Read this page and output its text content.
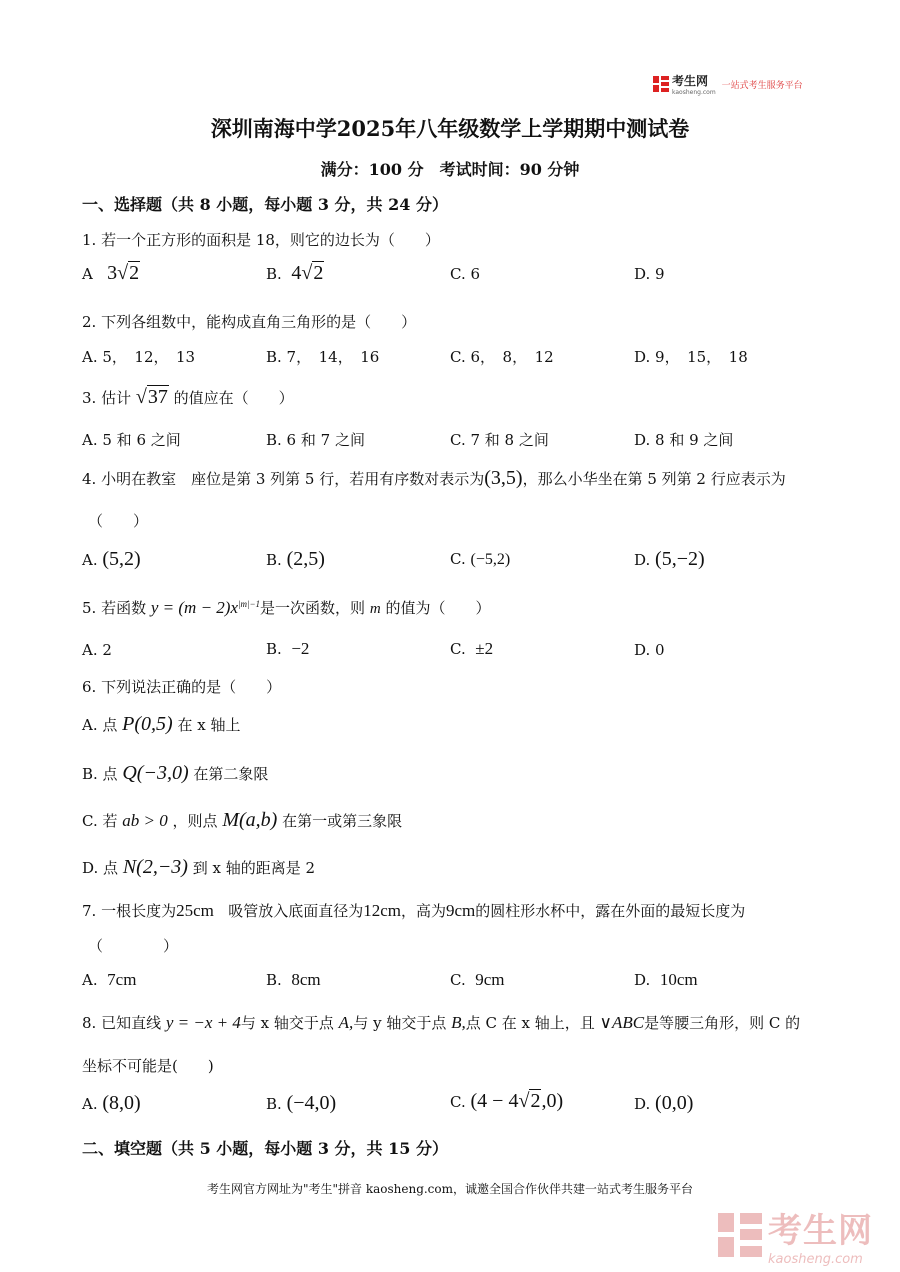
考生网
kaosheng.com
一站式考生服务平台
深圳南海中学2025年八年级数学上学期期中测试卷
满分：100 分　考试时间：90 分钟
一、选择题（共 8 小题，每小题 3 分，共 24 分）
1. 若一个正方形的面积是 18，则它的边长为（　　）
A 3√2	B. 4√2	C. 6	D. 9
2. 下列各组数中，能构成直角三角形的是（　　）
A. 5，　12，　13	B. 7，　14，　16	C. 6，　8，　12	D. 9，　15，　18
3. 估计 √37 的值应在（　　）
A. 5 和 6 之间	B. 6 和 7 之间	C. 7 和 8 之间	D. 8 和 9 之间
4. 小明在教室　座位是第 3 列第 5 行，若用有序数对表示为(3,5)，那么小华坐在第 5 列第 2 行应表示为
（　　）
A. (5,2)	B. (2,5)	C. (−5,2)	D. (5,−2)
5. 若函数 $y = (m - 2)x^{|m|-1}$是一次函数，则 m 的值为（　　）
A. 2	B. −2	C. ±2	D. 0
6. 下列说法正确的是（　　）
A. 点 P(0,5) 在 x 轴上
B. 点 Q(−3,0) 在第二象限
C. 若 ab > 0 ，则点 M(a,b) 在第一或第三象限
D. 点 N(2,−3) 到 x 轴的距离是 2
7. 一根长度为25cm 吸管放入底面直径为12cm，高为9cm的圆柱形水杯中，露在外面的最短长度为
（　　　　）
A. 7cm	B. 8cm	C. 9cm	D. 10cm
8. 已知直线 y = −x + 4与 x 轴交于点 A,与 y 轴交于点 B,点 C 在 x 轴上，且 ∨ABC是等腰三角形，则 C 的
坐标不可能是(　　)
A. (8,0)	B. (−4,0)	C. (4 − 4√2,0)	D. (0,0)
二、填空题（共 5 小题，每小题 3 分，共 15 分）
考生网官方网址为"考生"拼音 kaosheng.com，诚邀全国合作伙伴共建一站式考生服务平台
考生网
kaosheng.com
